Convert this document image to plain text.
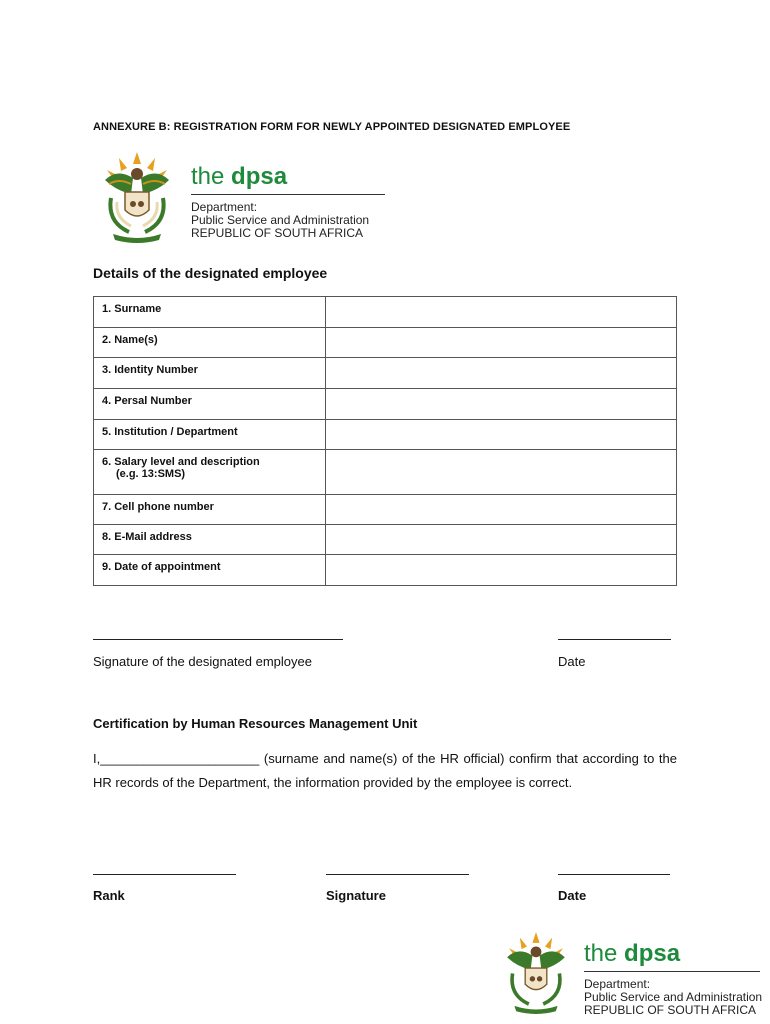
ANNEXURE B: REGISTRATION FORM FOR NEWLY APPOINTED DESIGNATED EMPLOYEE
the dpsa
Department:
Public Service and Administration
REPUBLIC OF SOUTH AFRICA
Details of the designated employee
1. Surname	
2. Name(s)	
3. Identity Number	
4. Persal Number	
5. Institution / Department	
6. Salary level and description
(e.g. 13:SMS)	

7. Cell phone number	
8. E-Mail address	
9. Date of appointment	
Signature of the designated employee	Date
Certification by Human Resources Management Unit
I,______________________ (surname and name(s) of the HR official) confirm that according to the HR records of the Department, the information provided by the employee is correct.
Rank	Signature	Date
the dpsa
Department:
Public Service and Administration
REPUBLIC OF SOUTH AFRICA
